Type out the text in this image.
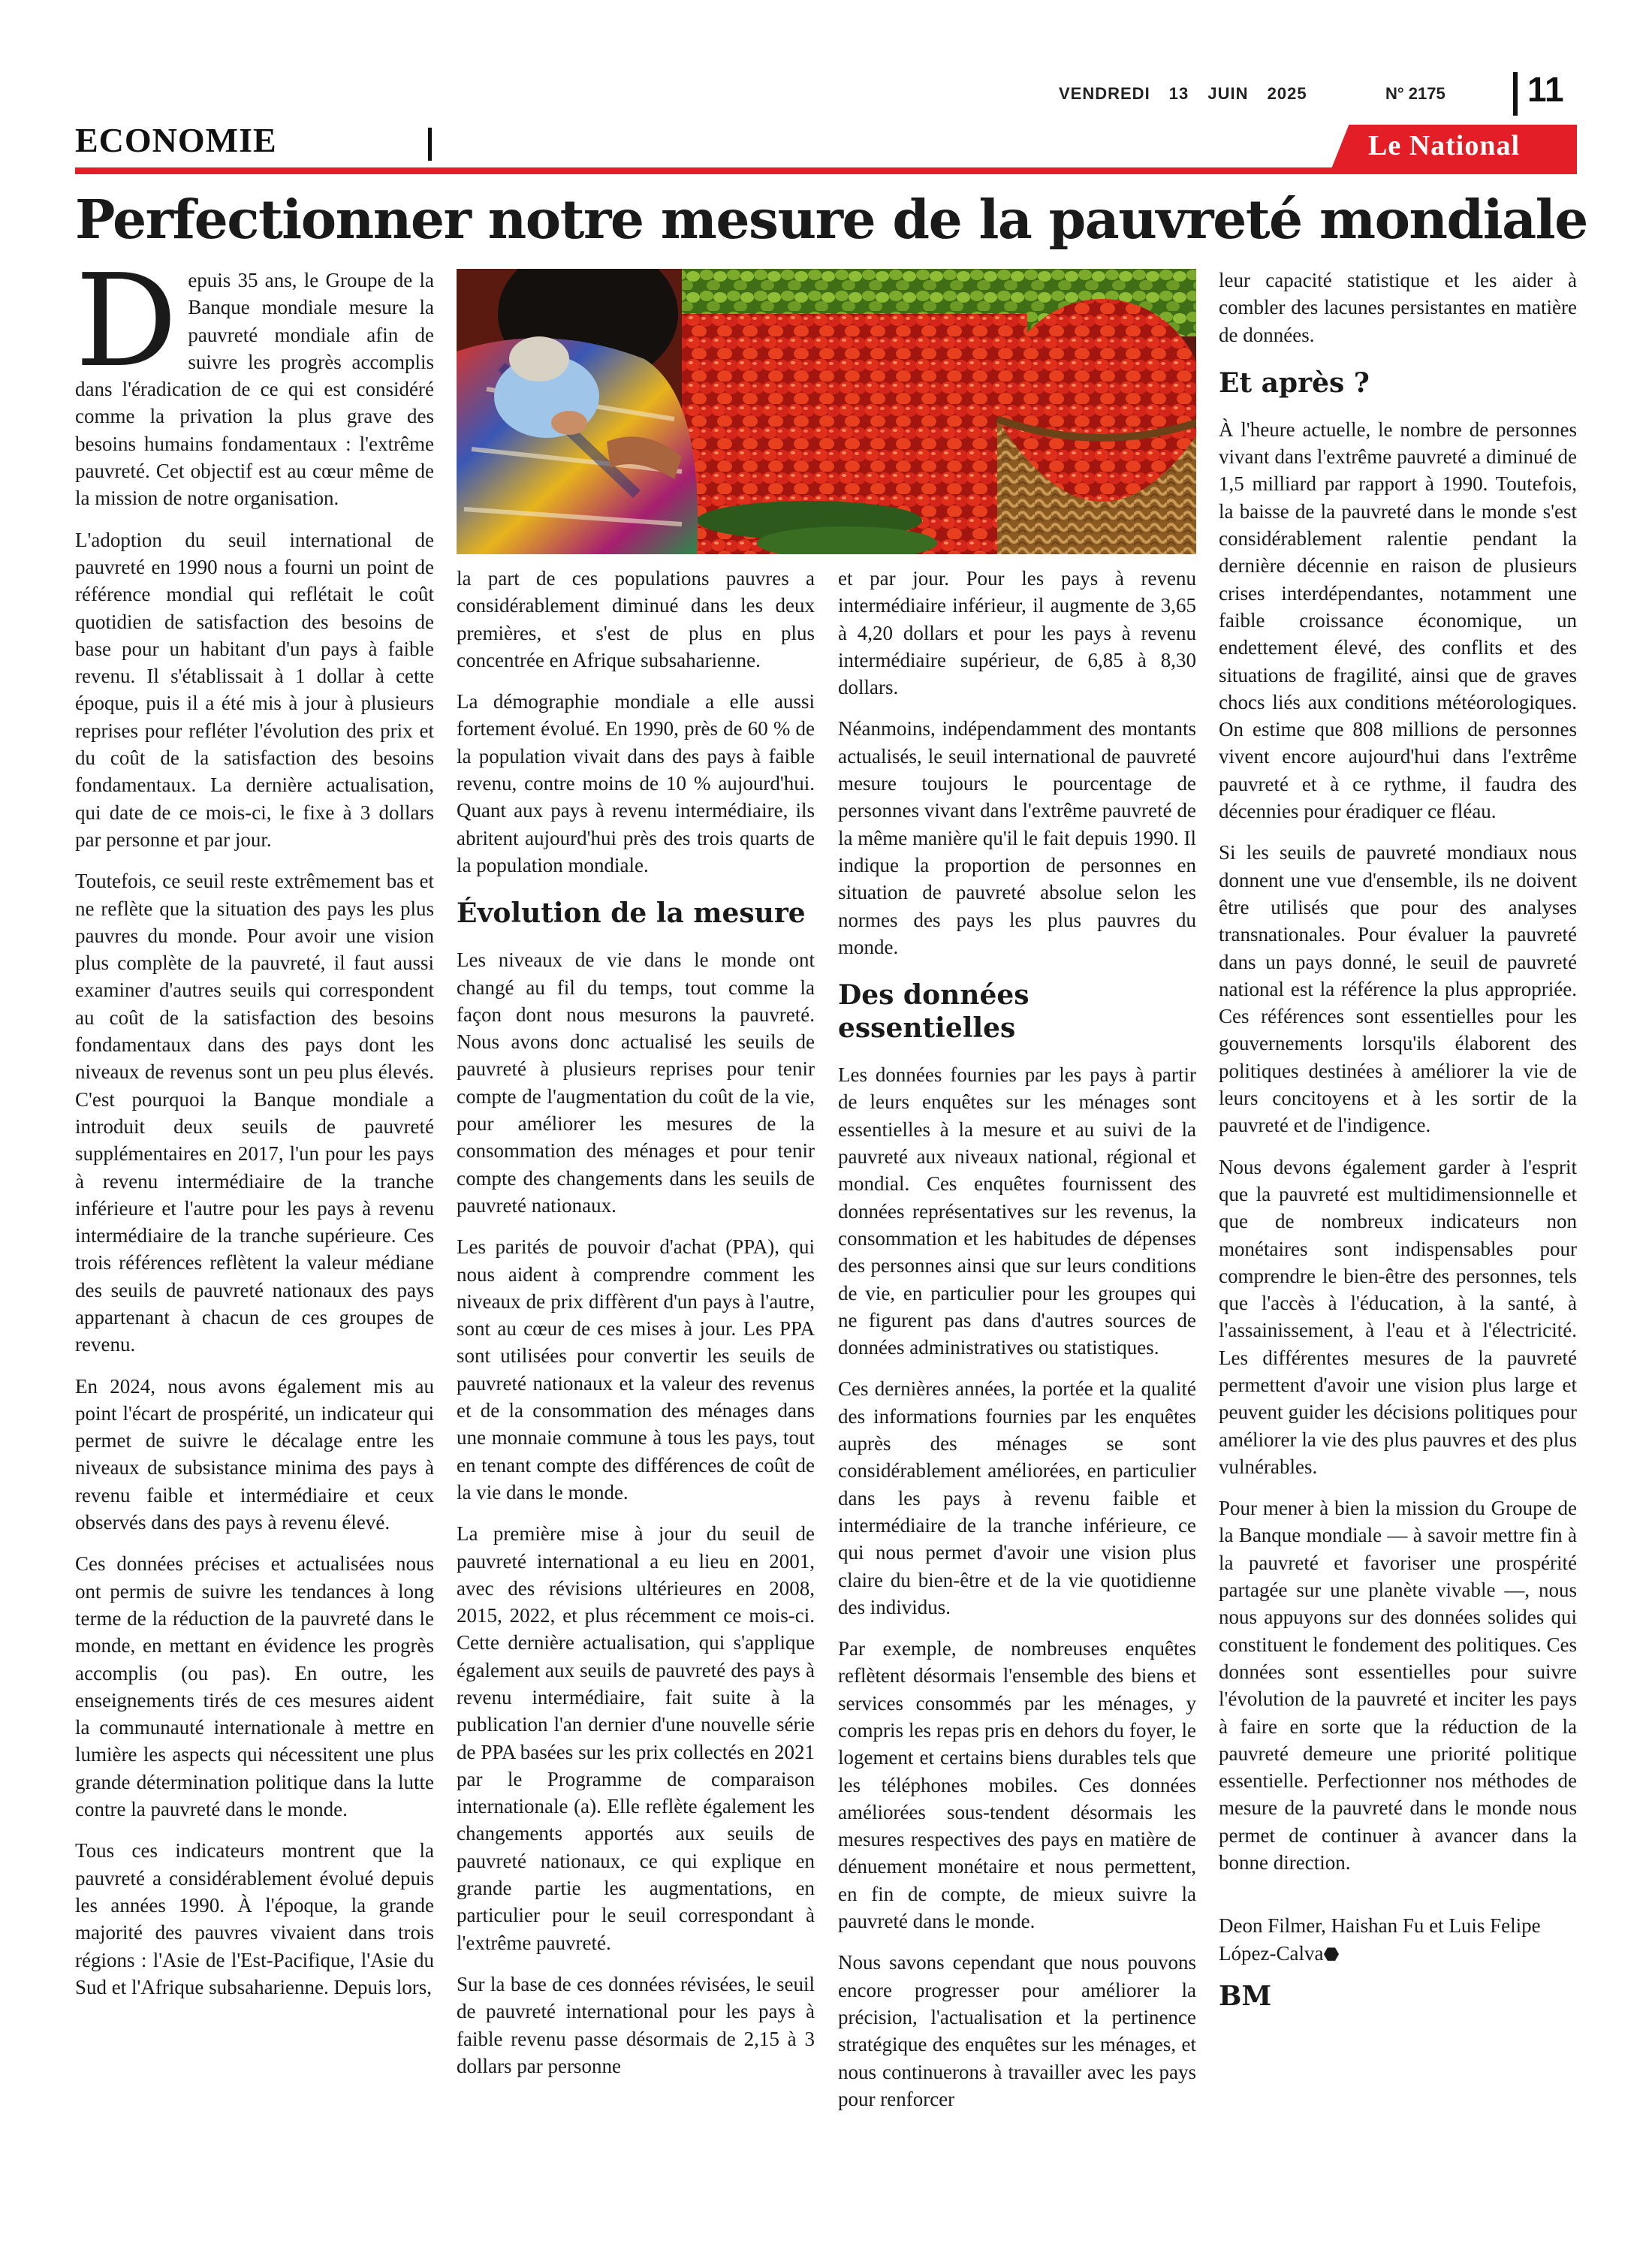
VENDREDI 13 JUIN 2025	N° 2175 11
ECONOMIE	Le National
Perfectionner notre mesure de la pauvreté mondiale

Depuis 35 ans, le Groupe de la Banque mondiale mesure la pauvreté mondiale afin de suivre les progrès accomplis dans l'éradication de ce qui est considéré comme la privation la plus grave des besoins humains fondamentaux : l'extrême pauvreté. Cet objectif est au cœur même de la mission de notre organisation.

L'adoption du seuil international de pauvreté en 1990 nous a fourni un point de référence mondial qui reflétait le coût quotidien de satisfaction des besoins de base pour un habitant d'un pays à faible revenu. Il s'établissait à 1 dollar à cette époque, puis il a été mis à jour à plusieurs reprises pour refléter l'évolution des prix et du coût de la satisfaction des besoins fondamentaux. La dernière actualisation, qui date de ce mois-ci, le fixe à 3 dollars par personne et par jour.

Toutefois, ce seuil reste extrêmement bas et ne reflète que la situation des pays les plus pauvres du monde. Pour avoir une vision plus complète de la pauvreté, il faut aussi examiner d'autres seuils qui correspondent au coût de la satisfaction des besoins fondamentaux dans des pays dont les niveaux de revenus sont un peu plus élevés. C'est pourquoi la Banque mondiale a introduit deux seuils de pauvreté supplémentaires en 2017, l'un pour les pays à revenu intermédiaire de la tranche inférieure et l'autre pour les pays à revenu intermédiaire de la tranche supérieure. Ces trois références reflètent la valeur médiane des seuils de pauvreté nationaux des pays appartenant à chacun de ces groupes de revenu.

En 2024, nous avons également mis au point l'écart de prospérité, un indicateur qui permet de suivre le décalage entre les niveaux de subsistance minima des pays à revenu faible et intermédiaire et ceux observés dans des pays à revenu élevé.

Ces données précises et actualisées nous ont permis de suivre les tendances à long terme de la réduction de la pauvreté dans le monde, en mettant en évidence les progrès accomplis (ou pas). En outre, les enseignements tirés de ces mesures aident la communauté internationale à mettre en lumière les aspects qui nécessitent une plus grande détermination politique dans la lutte contre la pauvreté dans le monde.

Tous ces indicateurs montrent que la pauvreté a considérablement évolué depuis les années 1990. À l'époque, la grande majorité des pauvres vivaient dans trois régions : l'Asie de l'Est-Pacifique, l'Asie du Sud et l'Afrique subsaharienne. Depuis lors,

la part de ces populations pauvres a considérablement diminué dans les deux premières, et s'est de plus en plus concentrée en Afrique subsaharienne.

La démographie mondiale a elle aussi fortement évolué. En 1990, près de 60 % de la population vivait dans des pays à faible revenu, contre moins de 10 % aujourd'hui. Quant aux pays à revenu intermédiaire, ils abritent aujourd'hui près des trois quarts de la population mondiale.

Évolution de la mesure

Les niveaux de vie dans le monde ont changé au fil du temps, tout comme la façon dont nous mesurons la pauvreté. Nous avons donc actualisé les seuils de pauvreté à plusieurs reprises pour tenir compte de l'augmentation du coût de la vie, pour améliorer les mesures de la consommation des ménages et pour tenir compte des changements dans les seuils de pauvreté nationaux.

Les parités de pouvoir d'achat (PPA), qui nous aident à comprendre comment les niveaux de prix diffèrent d'un pays à l'autre, sont au cœur de ces mises à jour. Les PPA sont utilisées pour convertir les seuils de pauvreté nationaux et la valeur des revenus et de la consommation des ménages dans une monnaie commune à tous les pays, tout en tenant compte des différences de coût de la vie dans le monde.

La première mise à jour du seuil de pauvreté international a eu lieu en 2001, avec des révisions ultérieures en 2008, 2015, 2022, et plus récemment ce mois-ci. Cette dernière actualisation, qui s'applique également aux seuils de pauvreté des pays à revenu intermédiaire, fait suite à la publication l'an dernier d'une nouvelle série de PPA basées sur les prix collectés en 2021 par le Programme de comparaison internationale (a). Elle reflète également les changements apportés aux seuils de pauvreté nationaux, ce qui explique en grande partie les augmentations, en particulier pour le seuil correspondant à l'extrême pauvreté.

Sur la base de ces données révisées, le seuil de pauvreté international pour les pays à faible revenu passe désormais de 2,15 à 3 dollars par personne

et par jour. Pour les pays à revenu intermédiaire inférieur, il augmente de 3,65 à 4,20 dollars et pour les pays à revenu intermédiaire supérieur, de 6,85 à 8,30 dollars.

Néanmoins, indépendamment des montants actualisés, le seuil international de pauvreté mesure toujours le pourcentage de personnes vivant dans l'extrême pauvreté de la même manière qu'il le fait depuis 1990. Il indique la proportion de personnes en situation de pauvreté absolue selon les normes des pays les plus pauvres du monde.

Des données essentielles

Les données fournies par les pays à partir de leurs enquêtes sur les ménages sont essentielles à la mesure et au suivi de la pauvreté aux niveaux national, régional et mondial. Ces enquêtes fournissent des données représentatives sur les revenus, la consommation et les habitudes de dépenses des personnes ainsi que sur leurs conditions de vie, en particulier pour les groupes qui ne figurent pas dans d'autres sources de données administratives ou statistiques.

Ces dernières années, la portée et la qualité des informations fournies par les enquêtes auprès des ménages se sont considérablement améliorées, en particulier dans les pays à revenu faible et intermédiaire de la tranche inférieure, ce qui nous permet d'avoir une vision plus claire du bien-être et de la vie quotidienne des individus.

Par exemple, de nombreuses enquêtes reflètent désormais l'ensemble des biens et services consommés par les ménages, y compris les repas pris en dehors du foyer, le logement et certains biens durables tels que les téléphones mobiles. Ces données améliorées sous-tendent désormais les mesures respectives des pays en matière de dénuement monétaire et nous permettent, en fin de compte, de mieux suivre la pauvreté dans le monde.

Nous savons cependant que nous pouvons encore progresser pour améliorer la précision, l'actualisation et la pertinence stratégique des enquêtes sur les ménages, et nous continuerons à travailler avec les pays pour renforcer

leur capacité statistique et les aider à combler des lacunes persistantes en matière de données.

Et après ?

À l'heure actuelle, le nombre de personnes vivant dans l'extrême pauvreté a diminué de 1,5 milliard par rapport à 1990. Toutefois, la baisse de la pauvreté dans le monde s'est considérablement ralentie pendant la dernière décennie en raison de plusieurs crises interdépendantes, notamment une faible croissance économique, un endettement élevé, des conflits et des situations de fragilité, ainsi que de graves chocs liés aux conditions météorologiques. On estime que 808 millions de personnes vivent encore aujourd'hui dans l'extrême pauvreté et à ce rythme, il faudra des décennies pour éradiquer ce fléau.

Si les seuils de pauvreté mondiaux nous donnent une vue d'ensemble, ils ne doivent être utilisés que pour des analyses transnationales. Pour évaluer la pauvreté dans un pays donné, le seuil de pauvreté national est la référence la plus appropriée. Ces références sont essentielles pour les gouvernements lorsqu'ils élaborent des politiques destinées à améliorer la vie de leurs concitoyens et à les sortir de la pauvreté et de l'indigence.

Nous devons également garder à l'esprit que la pauvreté est multidimensionnelle et que de nombreux indicateurs non monétaires sont indispensables pour comprendre le bien-être des personnes, tels que l'accès à l'éducation, à la santé, à l'assainissement, à l'eau et à l'électricité. Les différentes mesures de la pauvreté permettent d'avoir une vision plus large et peuvent guider les décisions politiques pour améliorer la vie des plus pauvres et des plus vulnérables.

Pour mener à bien la mission du Groupe de la Banque mondiale — à savoir mettre fin à la pauvreté et favoriser une prospérité partagée sur une planète vivable —, nous nous appuyons sur des données solides qui constituent le fondement des politiques. Ces données sont essentielles pour suivre l'évolution de la pauvreté et inciter les pays à faire en sorte que la réduction de la pauvreté demeure une priorité politique essentielle. Perfectionner nos méthodes de mesure de la pauvreté dans le monde nous permet de continuer à avancer dans la bonne direction.

Deon Filmer, Haishan Fu et Luis Felipe López-Calva⬣

BM
